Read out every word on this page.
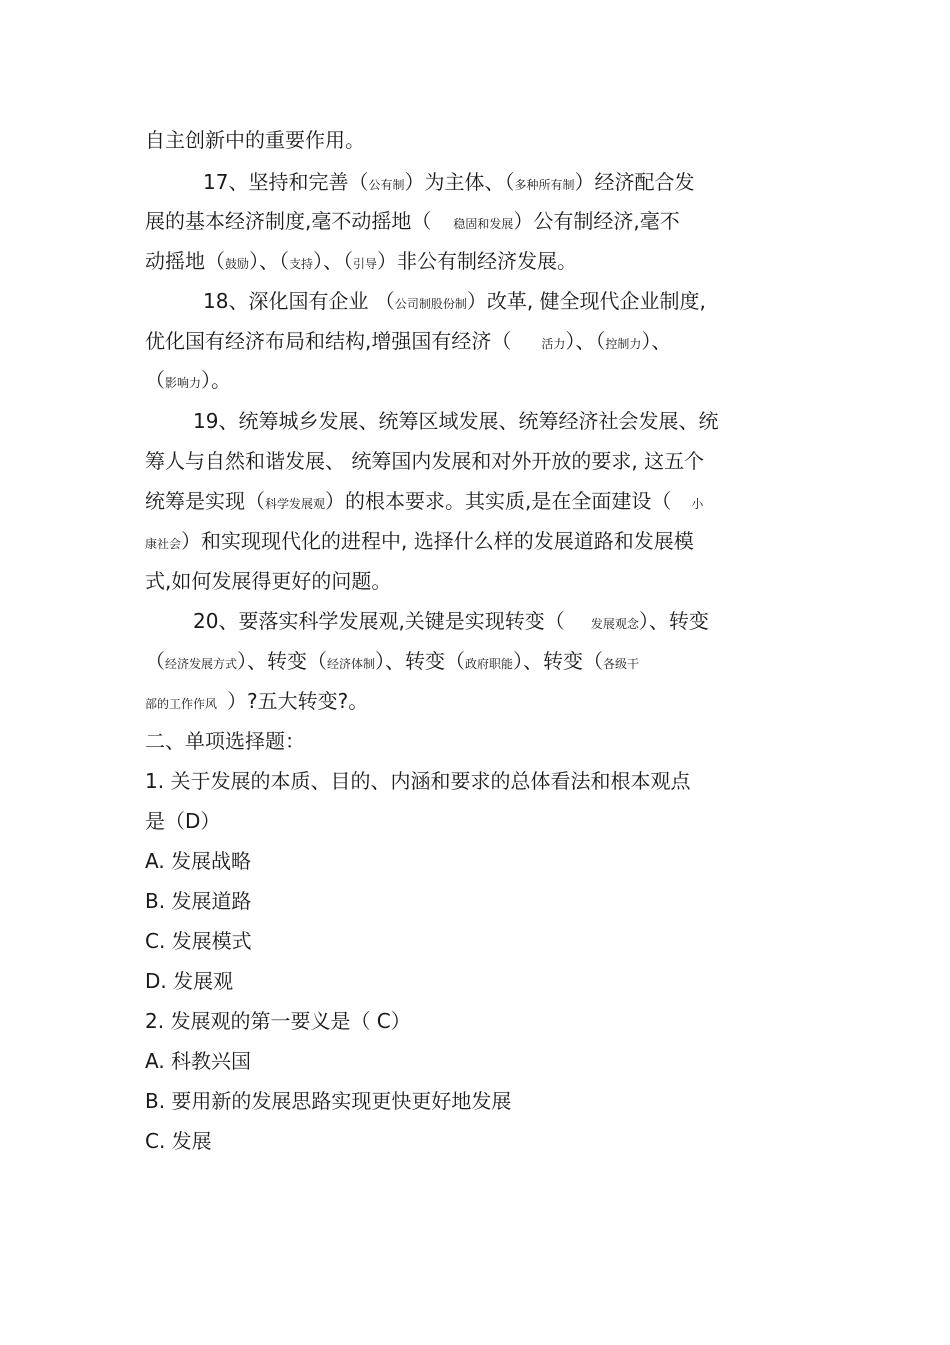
自主创新中的重要作用。
17、坚持和完善（公有制）为主体、（多种所有制）经济配合发
展的基本经济制度,毫不动摇地（ 稳固和发展）公有制经济,毫不
动摇地（鼓励）、（支持）、（引导）非公有制经济发展。
18、深化国有企业 （公司制股份制）改革, 健全现代企业制度,
优化国有经济布局和结构,增强国有经济（	活力）、（控制力）、
（影响力）。
19、统筹城乡发展、统筹区域发展、统筹经济社会发展、统
筹人与自然和谐发展、 统筹国内发展和对外开放的要求, 这五个
统筹是实现（科学发展观）的根本要求。其实质,是在全面建设（ 小
康社会）和实现现代化的进程中, 选择什么样的发展道路和发展模
式,如何发展得更好的问题。
20、要落实科学发展观,关键是实现转变（ 发展观念）、转变
（经济发展方式）、转变（经济体制）、转变（政府职能）、转变（各级干
部的工作作风 ）?五大转变?。
二、单项选择题：
1. 关于发展的本质、目的、内涵和要求的总体看法和根本观点
是（D）
A. 发展战略
B. 发展道路
C. 发展模式
D. 发展观
2. 发展观的第一要义是（ C）
A. 科教兴国
B. 要用新的发展思路实现更快更好地发展
C. 发展
